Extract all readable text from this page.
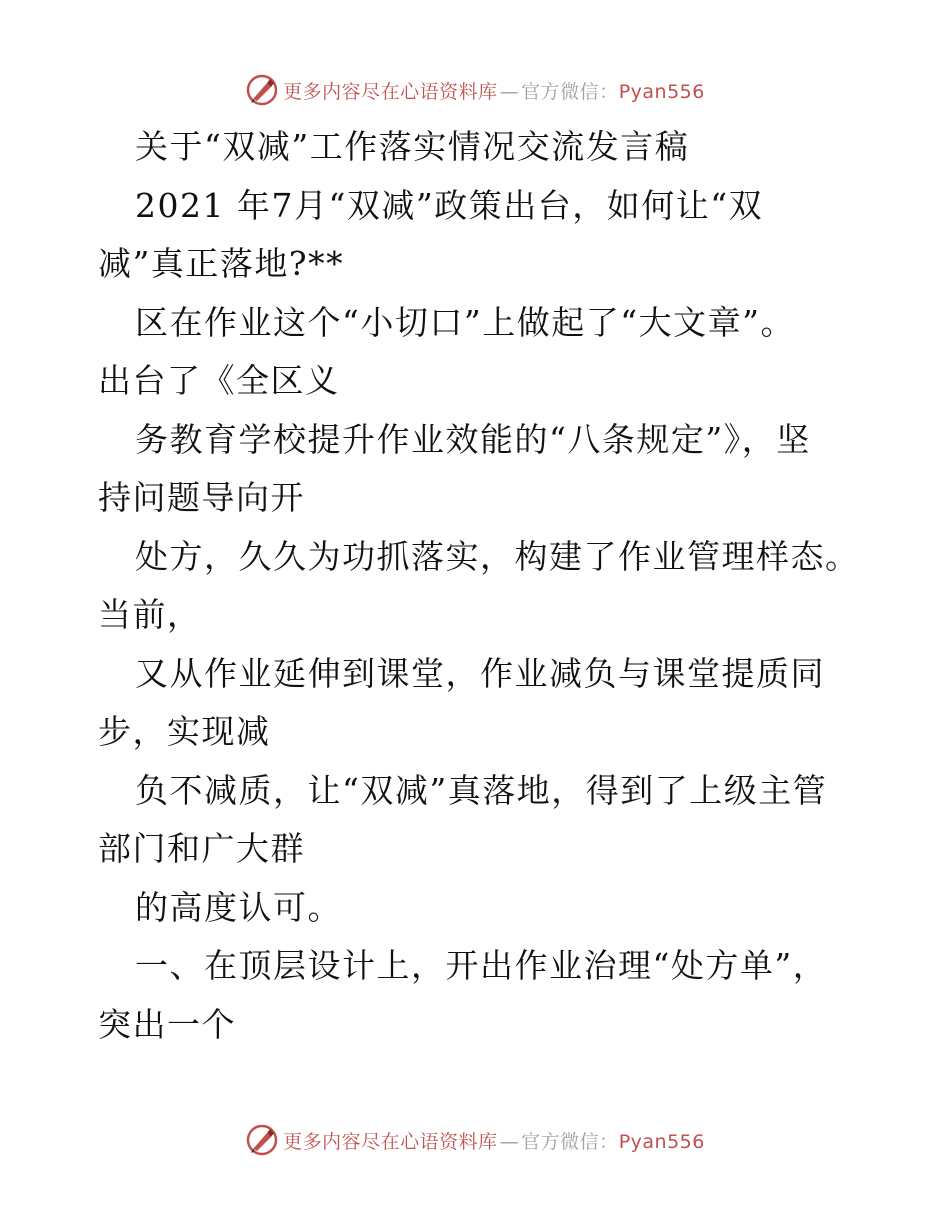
更多内容尽在心语资料库 — 官方微信：Pyan556

关于“双减”工作落实情况交流发言稿

2021 年7月“双减”政策出台，如何让“双

减”真正落地?**

区在作业这个“小切口”上做起了“大文章”。

出台了《全区义

务教育学校提升作业效能的“八条规定”》，坚

持问题导向开

处方，久久为功抓落实，构建了作业管理样态。

当前，

又从作业延伸到课堂，作业减负与课堂提质同

步，实现减

负不减质，让“双减”真落地，得到了上级主管

部门和广大群

的高度认可。

一、在顶层设计上，开出作业治理“处方单”，

突出一个

更多内容尽在心语资料库 — 官方微信：Pyan556
